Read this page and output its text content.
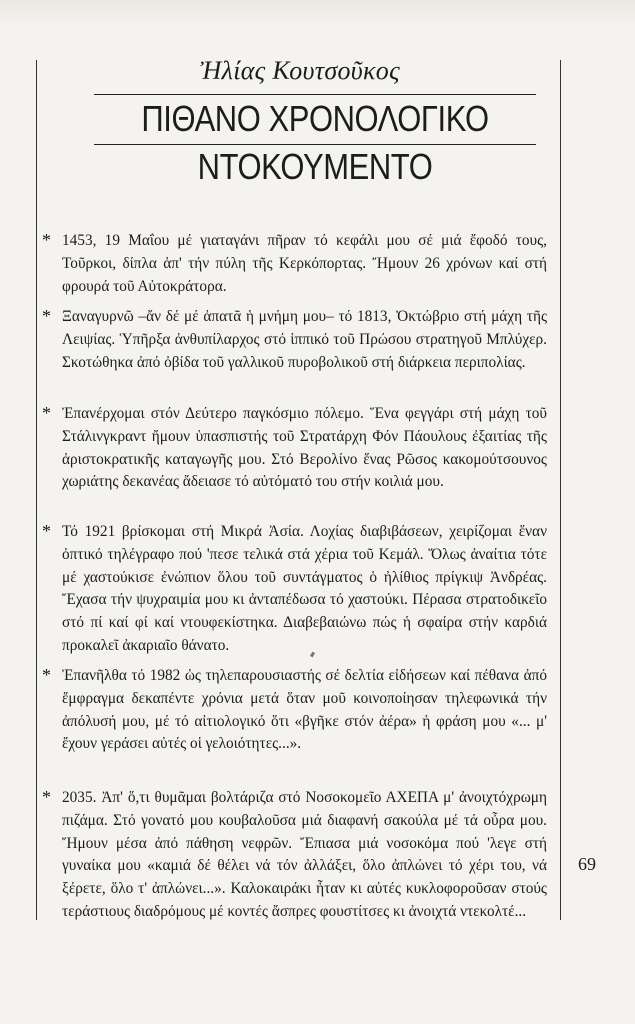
Ἠλίας Κουτσοῦκος
ΠΙΘΑΝΟ ΧΡΟΝΟΛΟΓΙΚΟ
ΝΤΟΚΟΥΜΕΝΤΟ
* 1453, 19 Μαΐου μέ γιαταγάνι πῆραν τό κεφάλι μου σέ μιά ἔφοδό τους, Τοῦρκοι, δίπλα ἀπ' τήν πύλη τῆς Κερκόπορτας. Ἤμουν 26 χρόνων καί στή φρουρά τοῦ Αὐτοκράτορα.

* Ξαναγυρνῶ –ἄν δέ μέ ἀπατᾶ ἡ μνήμη μου– τό 1813, Ὀκτώβριο στή μάχη τῆς Λειψίας. Ὑπῆρξα ἀνθυπίλαρχος στό ἱππικό τοῦ Πρώσου στρατηγοῦ Μπλύχερ. Σκοτώθηκα ἀπό ὀβίδα τοῦ γαλλικοῦ πυροβολικοῦ στή διάρκεια περιπολίας.

* Ἐπανέρχομαι στόν Δεύτερο παγκόσμιο πόλεμο. Ἕνα φεγγάρι στή μάχη τοῦ Στάλινγκραντ ἤμουν ὑπασπιστής τοῦ Στρατάρχη Φόν Πάουλους ἐξαιτίας τῆς ἀριστοκρατικῆς καταγωγῆς μου. Στό Βερολίνο ἕνας Ρῶσος κακομούτσουνος χωριάτης δεκανέας ἄδειασε τό αὐτόματό του στήν κοιλιά μου.

* Τό 1921 βρίσκομαι στή Μικρά Ἀσία. Λοχίας διαβιβάσεων, χειρίζομαι ἕναν ὀπτικό τηλέγραφο πού 'πεσε τελικά στά χέρια τοῦ Κεμάλ. Ὅλως ἀναίτια τότε μέ χαστούκισε ἐνώπιον ὅλου τοῦ συντάγματος ὁ ἠλίθιος πρίγκιψ Ἀνδρέας. Ἔχασα τήν ψυχραιμία μου κι ἀνταπέδωσα τό χαστούκι. Πέρασα στρατοδικεῖο στό πί καί φί καί ντουφεκίστηκα. Διαβεβαιώνω πώς ἡ σφαίρα στήν καρδιά προκαλεῖ ἀκαριαῖο θάνατο.

* Ἐπανῆλθα τό 1982 ὡς τηλεπαρουσιαστής σέ δελτία εἰδήσεων καί πέθανα ἀπό ἔμφραγμα δεκαπέντε χρόνια μετά ὅταν μοῦ κοινοποίησαν τηλεφωνικά τήν ἀπόλυσή μου, μέ τό αἰτιολογικό ὅτι «βγῆκε στόν ἀέρα» ἡ φράση μου «... μ' ἔχουν γεράσει αὐτές οἱ γελοιότητες...».

* 2035. Ἀπ' ὅ,τι θυμᾶμαι βολτάριζα στό Νοσοκομεῖο ΑΧΕΠΑ μ' ἀνοιχτόχρωμη πιζάμα. Στό γονατό μου κουβαλοῦσα μιά διαφανή σακούλα μέ τά οὖρα μου. Ἤμουν μέσα ἀπό πάθηση νεφρῶν. Ἔπιασα μιά νοσοκόμα πού 'λεγε στή γυναίκα μου «καμιά δέ θέλει νά τόν ἀλλάξει, ὅλο ἀπλώνει τό χέρι του, νά ξέρετε, ὅλο τ' ἀπλώνει...». Καλοκαιράκι ἦταν κι αὐτές κυκλοφοροῦσαν στούς τεράστιους διαδρόμους μέ κοντές ἄσπρες φουστίτσες κι ἀνοιχτά ντεκολτέ...

69
